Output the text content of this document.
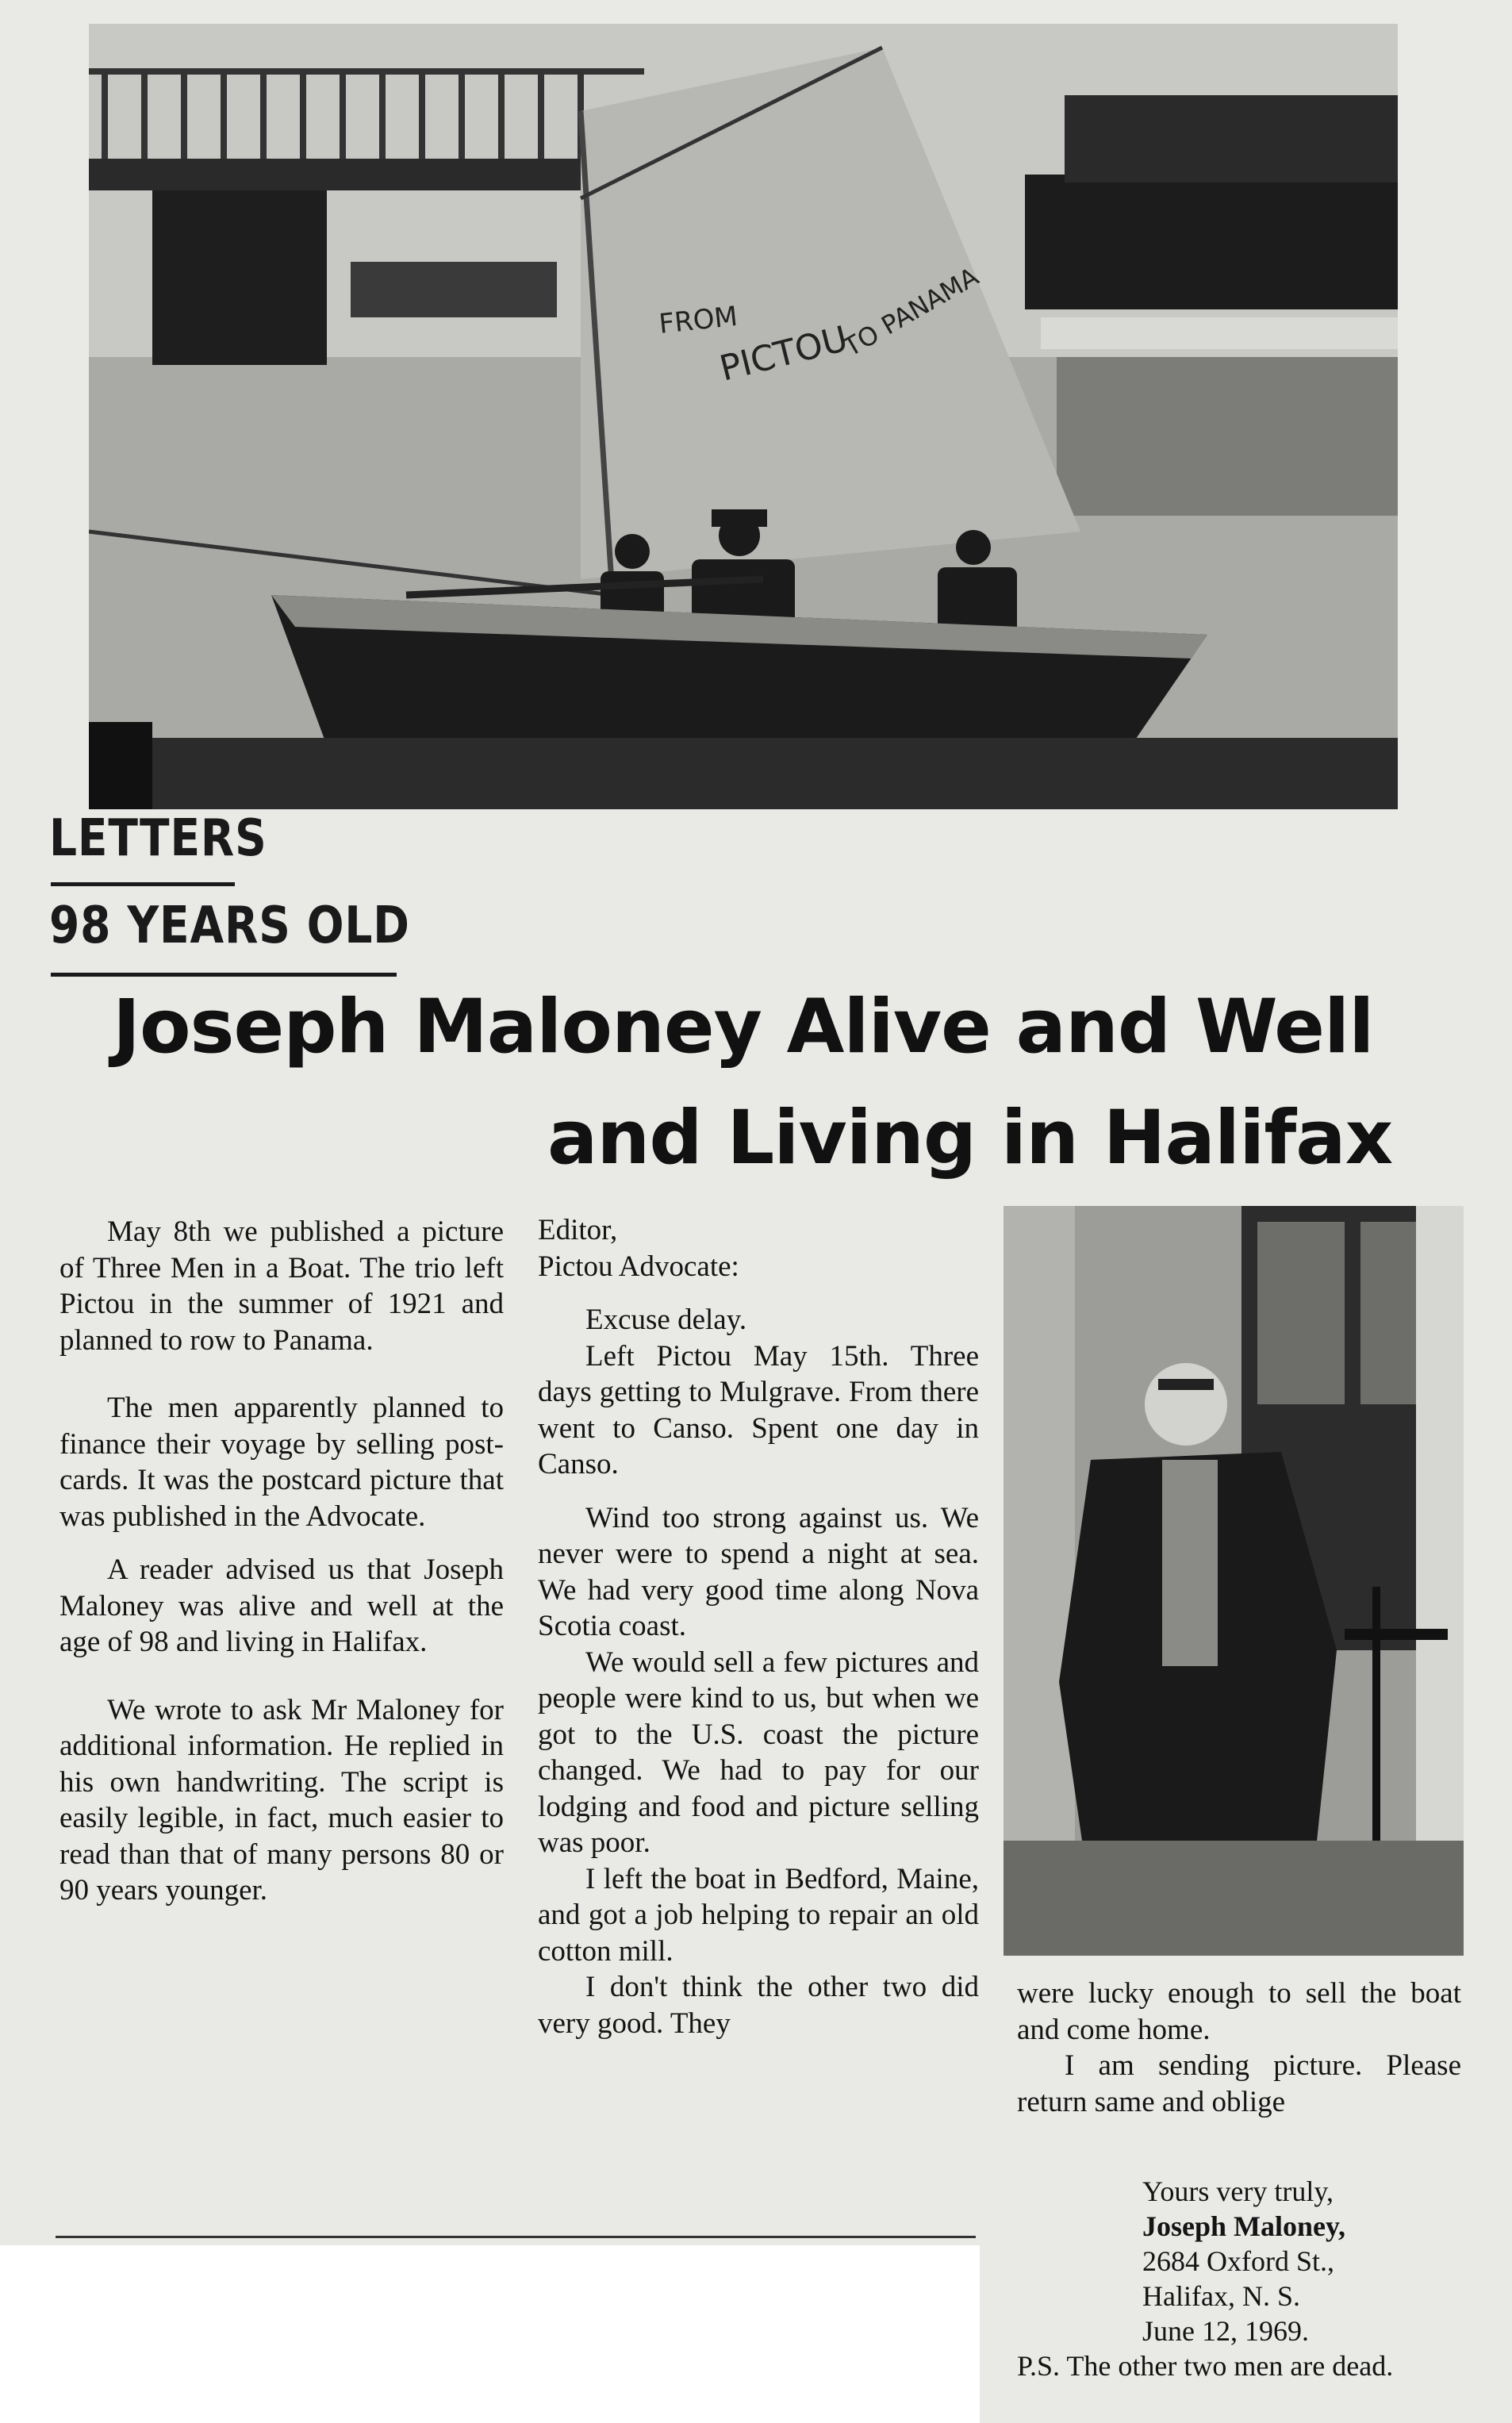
FROM
PICTOU
TO PANAMA
LETTERS
98 YEARS OLD
Joseph Maloney Alive and Well
and Living in Halifax

May 8th we published a picture of Three Men in a Boat. The trio left Pictou in the summer of 1921 and planned to row to Panama.

The men apparently planned to finance their voyage by selling post-cards. It was the postcard picture that was published in the Advocate.

A reader advised us that Joseph Maloney was alive and well at the age of 98 and living in Halifax.

We wrote to ask Mr Maloney for additional information. He replied in his own handwriting. The script is easily legible, in fact, much easier to read than that of many persons 80 or 90 years younger.

Editor,

Pictou Advocate:

Excuse delay.

Left Pictou May 15th. Three days getting to Mulgrave. From there went to Canso. Spent one day in Canso.

Wind too strong against us. We never were to spend a night at sea. We had very good time along Nova Scotia coast.

We would sell a few pictures and people were kind to us, but when we got to the U.S. coast the picture changed. We had to pay for our lodging and food and picture selling was poor.

I left the boat in Bedford, Maine, and got a job helping to repair an old cotton mill.

I don't think the other two did very good. They

were lucky enough to sell the boat and come home.

I am sending picture. Please return same and oblige

Yours very truly,
Joseph Maloney,
2684 Oxford St.,
Halifax, N. S.
June 12, 1969.
P.S. The other two men are dead.
